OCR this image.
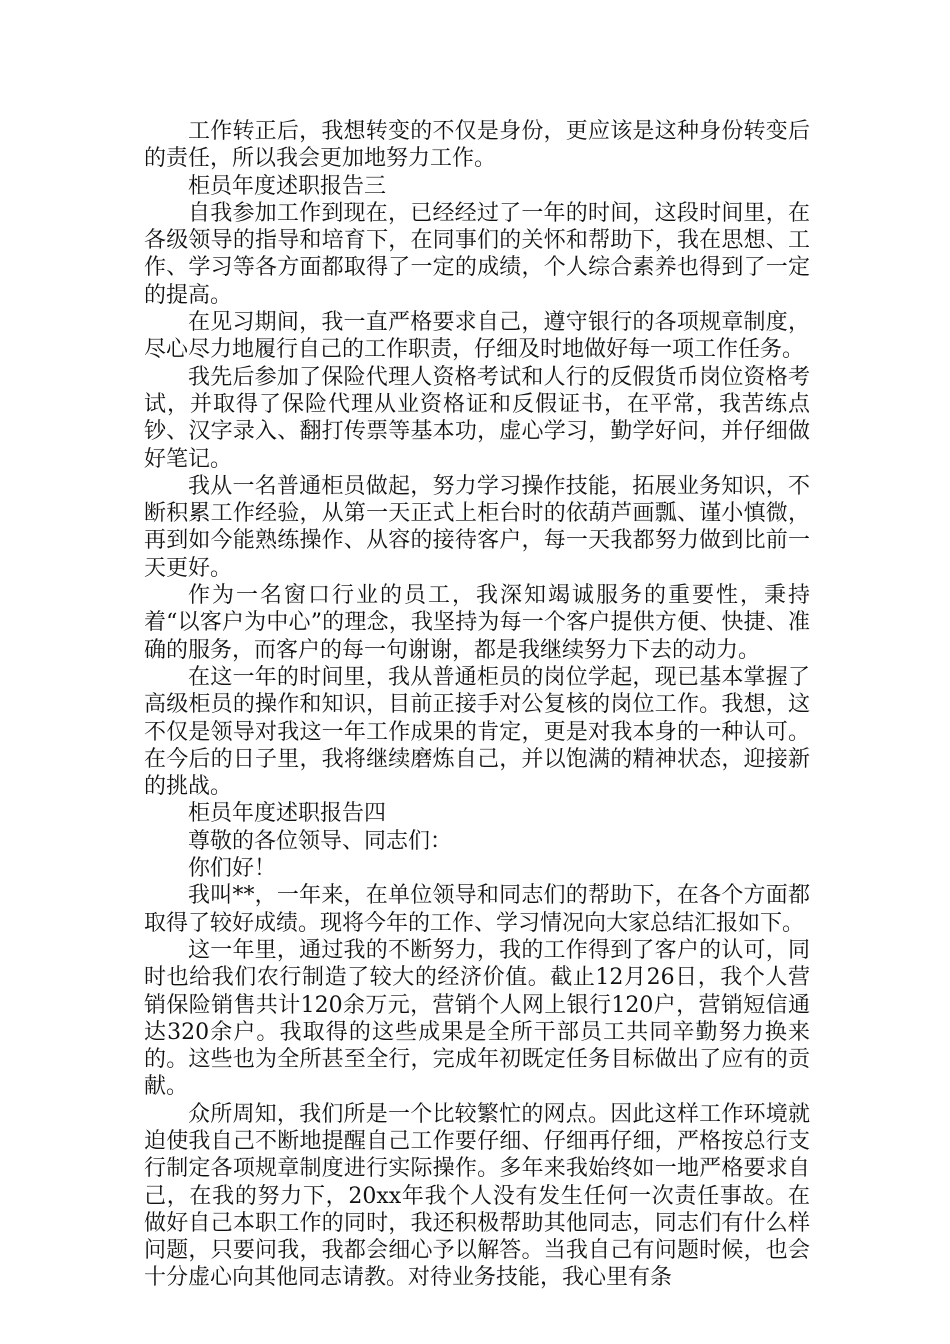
工作转正后，我想转变的不仅是身份，更应该是这种身份转变后的责任，所以我会更加地努力工作。

柜员年度述职报告三

自我参加工作到现在，已经经过了一年的时间，这段时间里，在各级领导的指导和培育下，在同事们的关怀和帮助下，我在思想、工作、学习等各方面都取得了一定的成绩，个人综合素养也得到了一定的提高。

在见习期间，我一直严格要求自己，遵守银行的各项规章制度，尽心尽力地履行自己的工作职责，仔细及时地做好每一项工作任务。

我先后参加了保险代理人资格考试和人行的反假货币岗位资格考试，并取得了保险代理从业资格证和反假证书，在平常，我苦练点钞、汉字录入、翻打传票等基本功，虚心学习，勤学好问，并仔细做好笔记。

我从一名普通柜员做起，努力学习操作技能，拓展业务知识，不断积累工作经验，从第一天正式上柜台时的依葫芦画瓢、谨小慎微，再到如今能熟练操作、从容的接待客户，每一天我都努力做到比前一天更好。

作为一名窗口行业的员工，我深知竭诚服务的重要性，秉持着“以客户为中心”的理念，我坚持为每一个客户提供方便、快捷、准确的服务，而客户的每一句谢谢，都是我继续努力下去的动力。

在这一年的时间里，我从普通柜员的岗位学起，现已基本掌握了高级柜员的操作和知识，目前正接手对公复核的岗位工作。我想，这不仅是领导对我这一年工作成果的肯定，更是对我本身的一种认可。在今后的日子里，我将继续磨炼自己，并以饱满的精神状态，迎接新的挑战。

柜员年度述职报告四

尊敬的各位领导、同志们：

你们好！

我叫**，一年来，在单位领导和同志们的帮助下，在各个方面都取得了较好成绩。现将今年的工作、学习情况向大家总结汇报如下。

这一年里，通过我的不断努力，我的工作得到了客户的认可，同时也给我们农行制造了较大的经济价值。截止12月26日，我个人营销保险销售共计120余万元，营销个人网上银行120户，营销短信通达320余户。我取得的这些成果是全所干部员工共同辛勤努力换来的。这些也为全所甚至全行，完成年初既定任务目标做出了应有的贡献。

众所周知，我们所是一个比较繁忙的网点。因此这样工作环境就迫使我自己不断地提醒自己工作要仔细、仔细再仔细，严格按总行支行制定各项规章制度进行实际操作。多年来我始终如一地严格要求自己，在我的努力下，20xx年我个人没有发生任何一次责任事故。在做好自己本职工作的同时，我还积极帮助其他同志，同志们有什么样问题，只要问我，我都会细心予以解答。当我自己有问题时候，也会十分虚心向其他同志请教。对待业务技能，我心里有条
